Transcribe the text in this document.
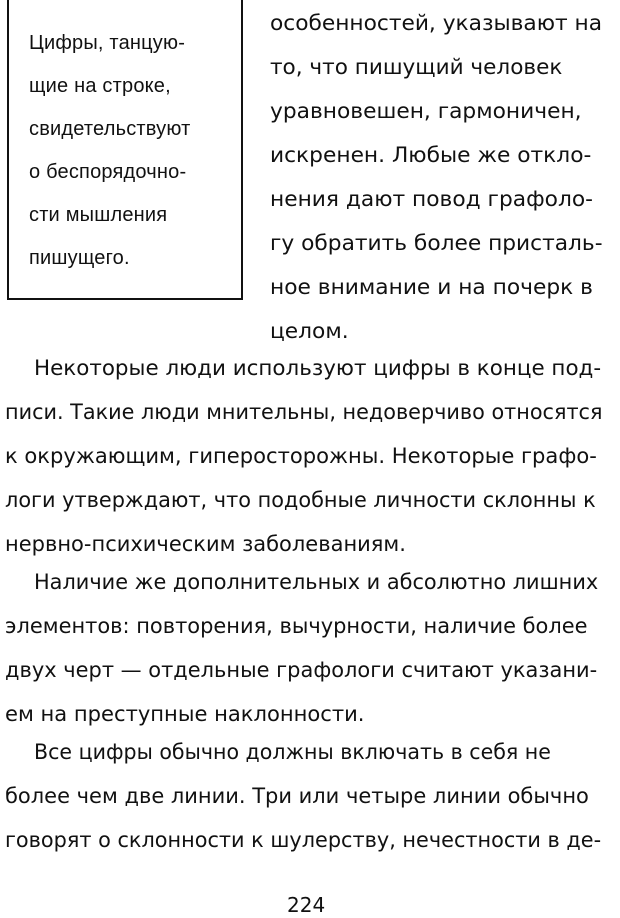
Цифры, танцую-
щие на строке,
свидетельствуют
о беспорядочно-
сти мышления
пишущего.
особенностей, указывают на
то, что пишущий человек
уравновешен, гармоничен,
искренен. Любые же откло-
нения дают повод графоло-
гу обратить более присталь-
ное внимание и на почерк в
целом.
Некоторые люди используют цифры в конце под-
писи. Такие люди мнительны, недоверчиво относятся
к окружающим, гиперосторожны. Некоторые графо-
логи утверждают, что подобные личности склонны к
нервно-психическим заболеваниям.
Наличие же дополнительных и абсолютно лишних
элементов: повторения, вычурности, наличие более
двух черт — отдельные графологи считают указани-
ем на преступные наклонности.
Все цифры обычно должны включать в себя не
более чем две линии. Три или четыре линии обычно
говорят о склонности к шулерству, нечестности в де-
224
